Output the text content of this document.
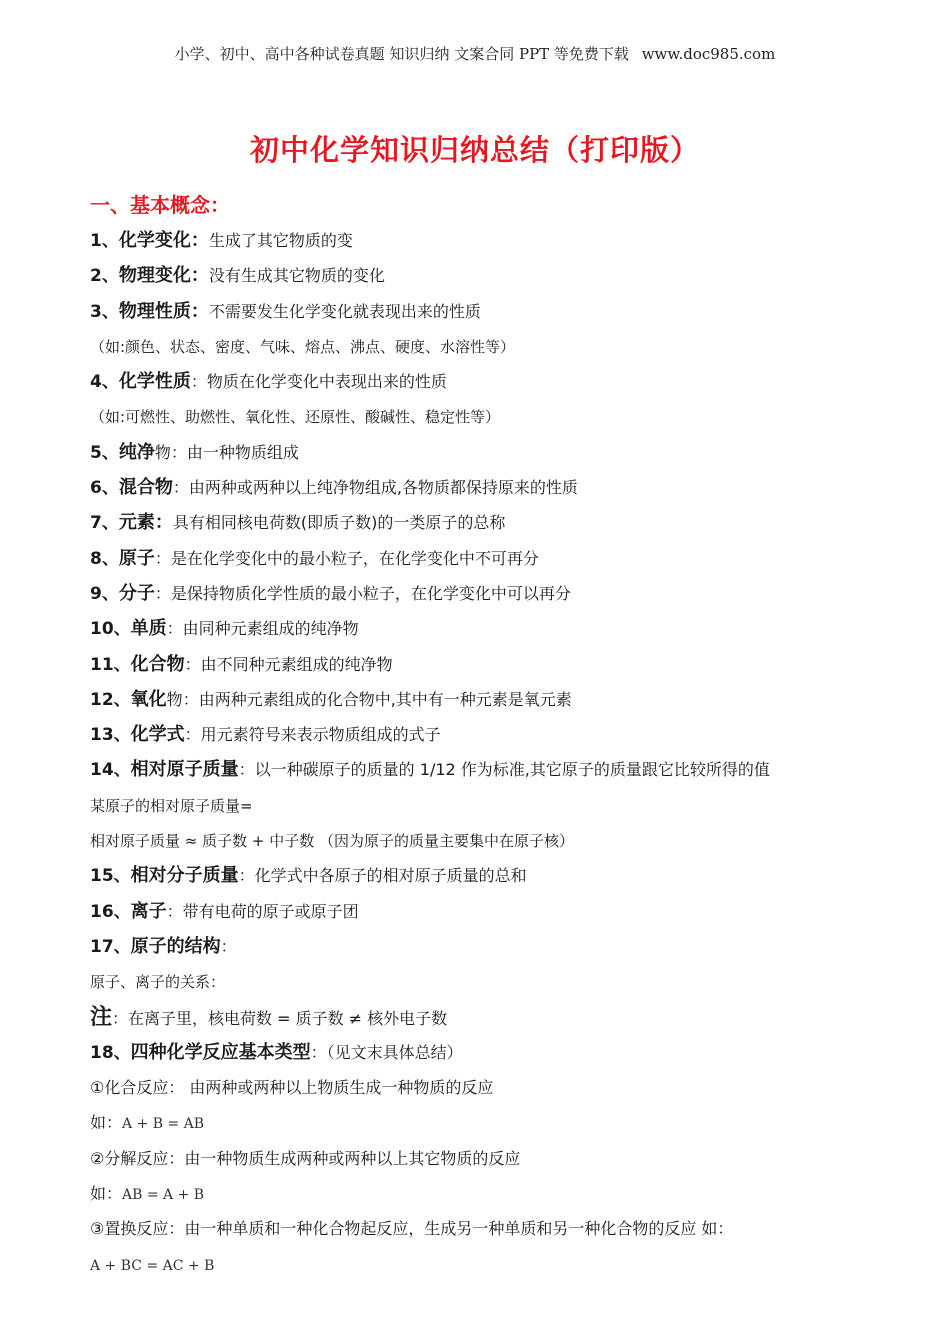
小学、初中、高中各种试卷真题 知识归纳 文案合同 PPT 等免费下载 www.doc985.com
初中化学知识归纳总结（打印版）
一、基本概念：
1、化学变化：生成了其它物质的变
2、物理变化：没有生成其它物质的变化
3、物理性质：不需要发生化学变化就表现出来的性质
（如:颜色、状态、密度、气味、熔点、沸点、硬度、水溶性等）
4、化学性质：物质在化学变化中表现出来的性质
（如:可燃性、助燃性、氧化性、还原性、酸碱性、稳定性等）
5、纯净物：由一种物质组成
6、混合物：由两种或两种以上纯净物组成,各物质都保持原来的性质
7、元素：具有相同核电荷数(即质子数)的一类原子的总称
8、原子：是在化学变化中的最小粒子，在化学变化中不可再分
9、分子：是保持物质化学性质的最小粒子，在化学变化中可以再分
10、单质：由同种元素组成的纯净物
11、化合物：由不同种元素组成的纯净物
12、氧化物：由两种元素组成的化合物中,其中有一种元素是氧元素
13、化学式：用元素符号来表示物质组成的式子
14、相对原子质量：以一种碳原子的质量的 1/12 作为标准,其它原子的质量跟它比较所得的值
某原子的相对原子质量=
相对原子质量 ≈ 质子数 + 中子数 （因为原子的质量主要集中在原子核）
15、相对分子质量：化学式中各原子的相对原子质量的总和
16、离子：带有电荷的原子或原子团
17、原子的结构：
原子、离子的关系：
注：在离子里，核电荷数 = 质子数 ≠ 核外电子数
18、四种化学反应基本类型：（见文末具体总结）
①化合反应： 由两种或两种以上物质生成一种物质的反应
如：A + B = AB
②分解反应：由一种物质生成两种或两种以上其它物质的反应
如：AB = A + B
③置换反应：由一种单质和一种化合物起反应，生成另一种单质和另一种化合物的反应 如：
A + BC = AC + B
